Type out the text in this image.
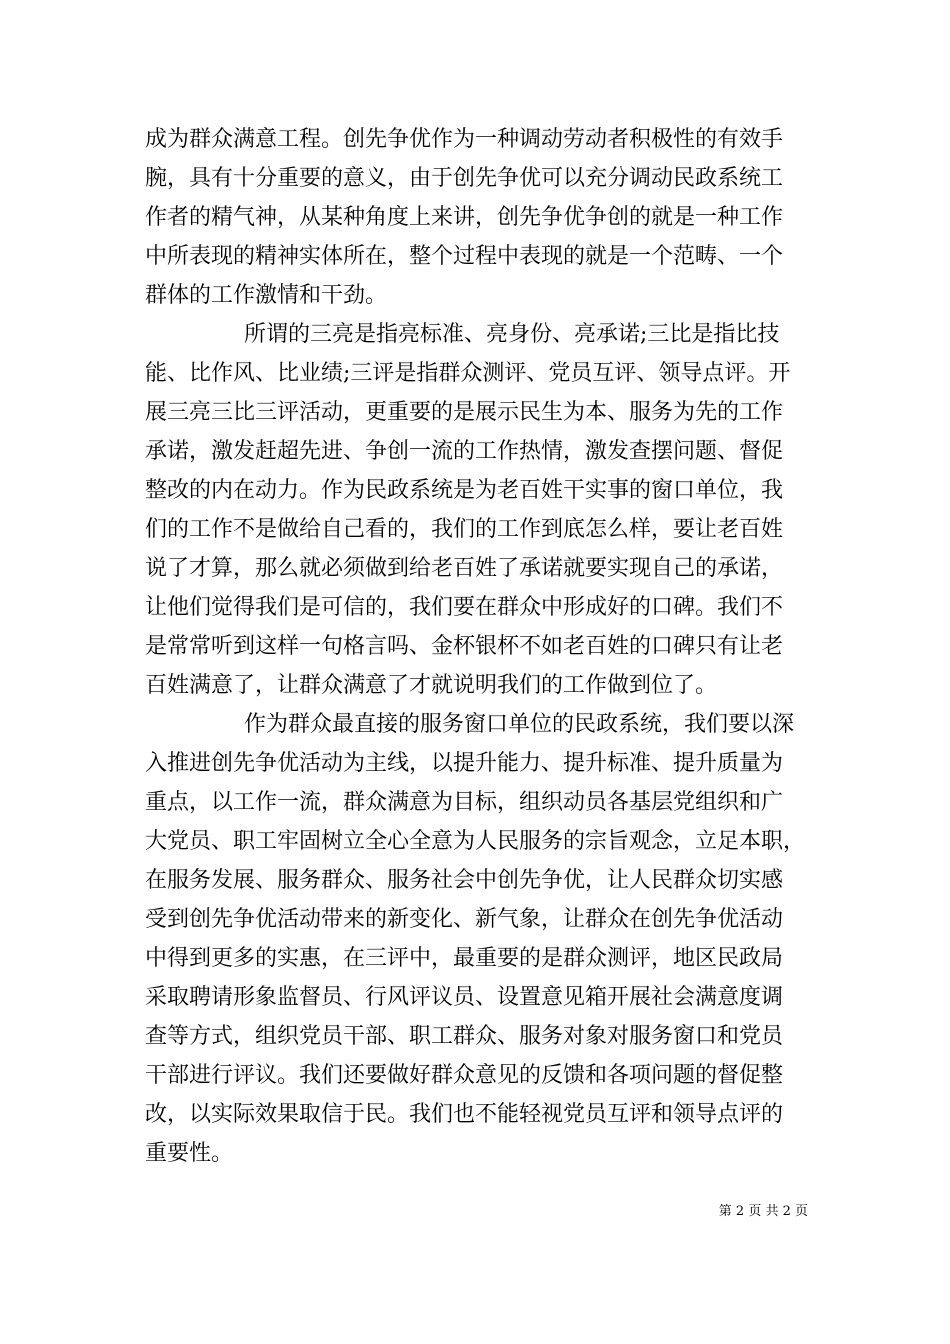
成为群众满意工程。创先争优作为一种调动劳动者积极性的有效手
腕，具有十分重要的意义，由于创先争优可以充分调动民政系统工
作者的精气神，从某种角度上来讲，创先争优争创的就是一种工作
中所表现的精神实体所在，整个过程中表现的就是一个范畴、一个
群体的工作激情和干劲。
所谓的三亮是指亮标准、亮身份、亮承诺;三比是指比技
能、比作风、比业绩;三评是指群众测评、党员互评、领导点评。开
展三亮三比三评活动，更重要的是展示民生为本、服务为先的工作
承诺，激发赶超先进、争创一流的工作热情，激发查摆问题、督促
整改的内在动力。作为民政系统是为老百姓干实事的窗口单位，我
们的工作不是做给自己看的，我们的工作到底怎么样，要让老百姓
说了才算，那么就必须做到给老百姓了承诺就要实现自己的承诺，
让他们觉得我们是可信的，我们要在群众中形成好的口碑。我们不
是常常听到这样一句格言吗、金杯银杯不如老百姓的口碑只有让老
百姓满意了，让群众满意了才就说明我们的工作做到位了。
作为群众最直接的服务窗口单位的民政系统，我们要以深
入推进创先争优活动为主线，以提升能力、提升标准、提升质量为
重点，以工作一流，群众满意为目标，组织动员各基层党组织和广
大党员、职工牢固树立全心全意为人民服务的宗旨观念，立足本职，
在服务发展、服务群众、服务社会中创先争优，让人民群众切实感
受到创先争优活动带来的新变化、新气象，让群众在创先争优活动
中得到更多的实惠，在三评中，最重要的是群众测评，地区民政局
采取聘请形象监督员、行风评议员、设置意见箱开展社会满意度调
查等方式，组织党员干部、职工群众、服务对象对服务窗口和党员
干部进行评议。我们还要做好群众意见的反馈和各项问题的督促整
改，以实际效果取信于民。我们也不能轻视党员互评和领导点评的
重要性。
第 2 页 共 2 页
